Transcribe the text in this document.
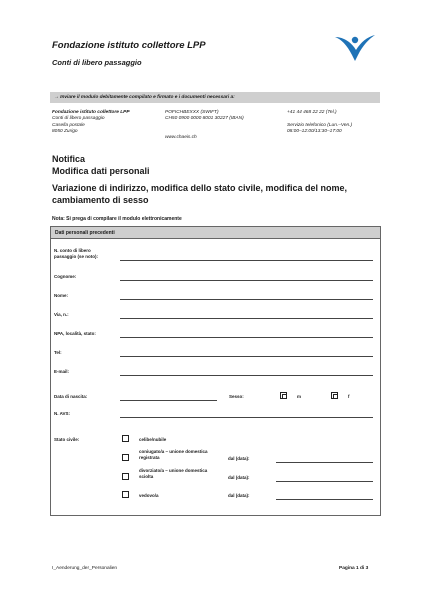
Fondazione istituto collettore LPP
Conti di libero passaggio
→ Inviare il modulo debitamente compilato e firmato e i documenti necessari a:
Fondazione istituto collettore LPP
Conti di libero passaggio
Casella postale
8050 Zurigo
POFICHBEXXX (SWIFT)
CH50 0900 0000 8001 30227 (IBAN)
www.chaeis.ch
+41 44 468 22 22 (Tel.)

Servizio telefonico (Lun.–Ven.)
08:00–12:00/13:30–17:00
Notifica
Modifica dati personali
Variazione di indirizzo, modifica dello stato civile, modifica del nome, cambiamento di sesso
Nota: Si prega di compilare il modulo elettronicamente
Dati personali precedenti
N. conto di libero passaggio (se noto):
Cognome:
Nome:
Via, n.:
NPA, località, stato:
Tel:
E-mail:
Data di nascita:	Sesso:	m	f
N. AVS:
Stato civile:	celibe/nubile
coniugato/a – unione domestica registrata	dal (data):
divorziato/a – unione domestica sciolta	dal (data):
vedovo/a	dal (data):
I_Aenderung_der_Personalien	Pagina 1 di 3
